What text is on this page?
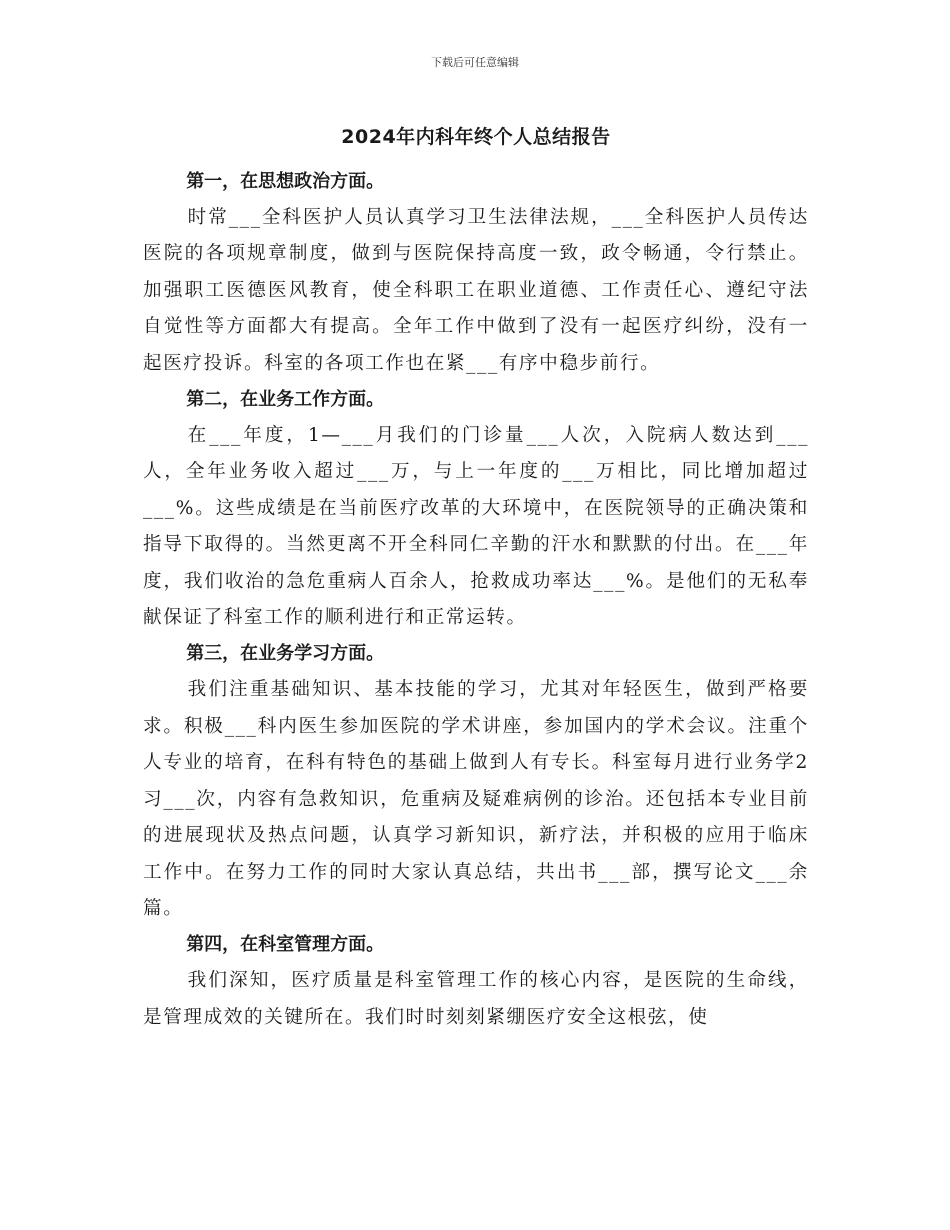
下载后可任意编辑
2024年内科年终个人总结报告

第一，在思想政治方面。

时常___全科医护人员认真学习卫生法律法规，___全科医护人员传达医院的各项规章制度，做到与医院保持高度一致，政令畅通，令行禁止。加强职工医德医风教育，使全科职工在职业道德、工作责任心、遵纪守法自觉性等方面都大有提高。全年工作中做到了没有一起医疗纠纷，没有一起医疗投诉。科室的各项工作也在紧___有序中稳步前行。

第二，在业务工作方面。

在___年度，1—___月我们的门诊量___人次，入院病人数达到___人，全年业务收入超过___万，与上一年度的___万相比，同比增加超过___%。这些成绩是在当前医疗改革的大环境中，在医院领导的正确决策和指导下取得的。当然更离不开全科同仁辛勤的汗水和默默的付出。在___年度，我们收治的急危重病人百余人，抢救成功率达___%。是他们的无私奉献保证了科室工作的顺利进行和正常运转。

第三，在业务学习方面。

我们注重基础知识、基本技能的学习，尤其对年轻医生，做到严格要求。积极___科内医生参加医院的学术讲座，参加国内的学术会议。注重个人专业的培育，在科有特色的基础上做到人有专长。科室每月进行业务学2习___次，内容有急救知识，危重病及疑难病例的诊治。还包括本专业目前的进展现状及热点问题，认真学习新知识，新疗法，并积极的应用于临床工作中。在努力工作的同时大家认真总结，共出书___部，撰写论文___余篇。

第四，在科室管理方面。

我们深知，医疗质量是科室管理工作的核心内容，是医院的生命线，是管理成效的关键所在。我们时时刻刻紧绷医疗安全这根弦，使
